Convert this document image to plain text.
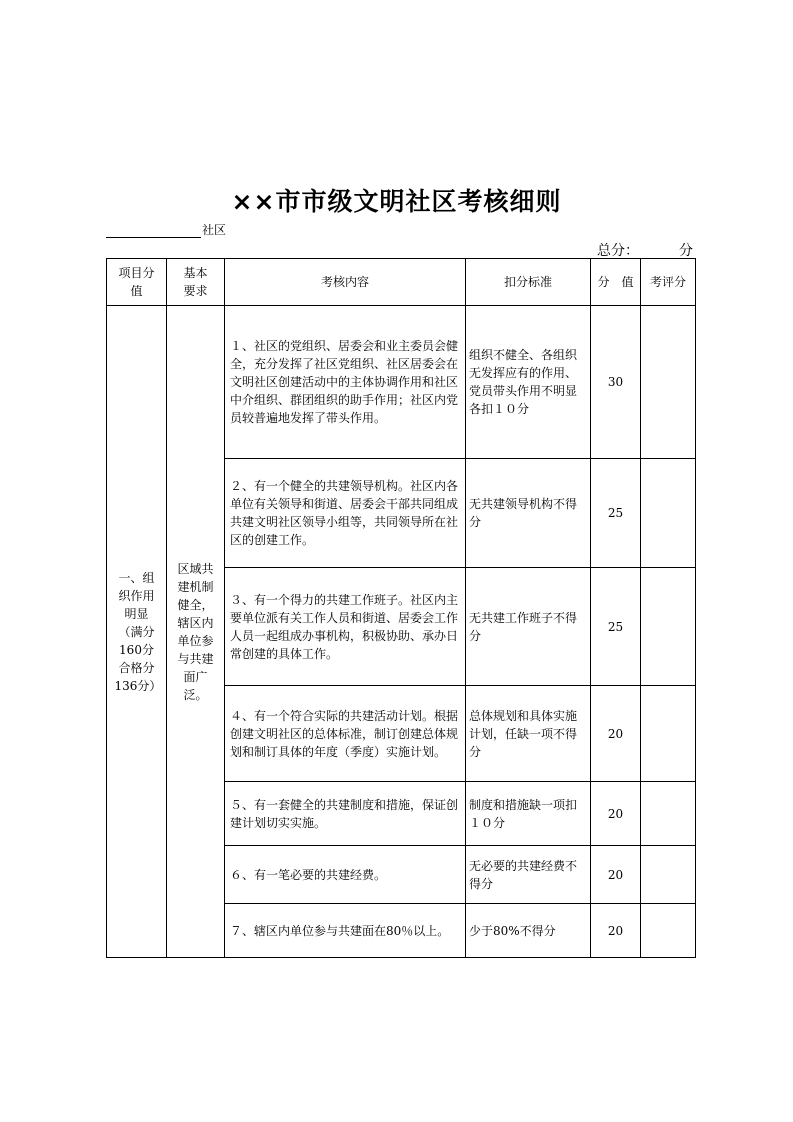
××市市级文明社区考核细则
社区
总分：	分
项目分值	基本要求	考核内容	扣分标准	分　值	考评分

一、组织作用明显（满分160分合格分136分）	区域共建机制健全，辖区内单位参与共建面广泛。	１、社区的党组织、居委会和业主委员会健全，充分发挥了社区党组织、社区居委会在文明社区创建活动中的主体协调作用和社区中介组织、群团组织的助手作用；社区内党员较普遍地发挥了带头作用。	组织不健全、各组织无发挥应有的作用、党员带头作用不明显各扣１０分	30	
		２、有一个健全的共建领导机构。社区内各单位有关领导和街道、居委会干部共同组成共建文明社区领导小组等，共同领导所在社区的创建工作。	无共建领导机构不得分	25	
		３、有一个得力的共建工作班子。社区内主要单位派有关工作人员和街道、居委会工作人员一起组成办事机构，积极协助、承办日常创建的具体工作。	无共建工作班子不得分	25	
		４、有一个符合实际的共建活动计划。根据创建文明社区的总体标准，制订创建总体规划和制订具体的年度（季度）实施计划。	总体规划和具体实施计划，任缺一项不得分	20	
		５、有一套健全的共建制度和措施，保证创建计划切实实施。	制度和措施缺一项扣１０分	20	
		６、有一笔必要的共建经费。	无必要的共建经费不得分	20	
		７、辖区内单位参与共建面在80％以上。	少于80%不得分	20	
